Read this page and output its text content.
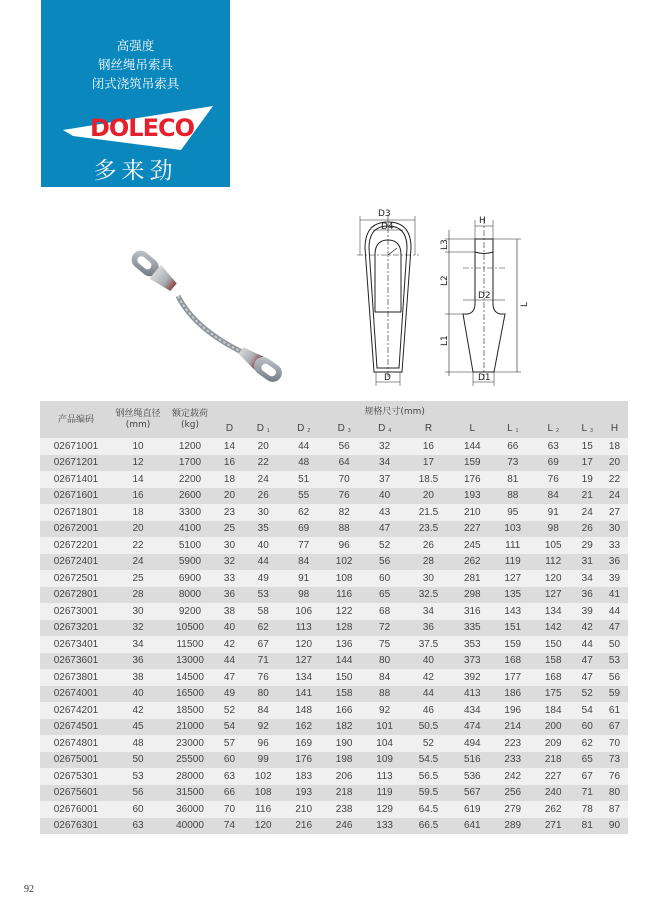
高强度
钢丝绳吊索具
闭式浇筑吊索具
DOLECO
多来劲
D3
D4
D
H
D2
D1
L3
L2
L1
L
产品编码	
钢丝绳直径
(mm)

额定载荷
(kg)
		规格尺寸(mm)
			D	D $_1$	D $_2$	D $_3$	D $_4$	R	L	L $_1$	L $_2$	L $_3$	H
02671001	10	1200	14	20	44	56	32	16	144	66	63	15	18
02671201	12	1700	16	22	48	64	34	17	159	73	69	17	20
02671401	14	2200	18	24	51	70	37	18.5	176	81	76	19	22
02671601	16	2600	20	26	55	76	40	20	193	88	84	21	24
02671801	18	3300	23	30	62	82	43	21.5	210	95	91	24	27
02672001	20	4100	25	35	69	88	47	23.5	227	103	98	26	30
02672201	22	5100	30	40	77	96	52	26	245	111	105	29	33
02672401	24	5900	32	44	84	102	56	28	262	119	112	31	36
02672501	25	6900	33	49	91	108	60	30	281	127	120	34	39
02672801	28	8000	36	53	98	116	65	32.5	298	135	127	36	41
02673001	30	9200	38	58	106	122	68	34	316	143	134	39	44
02673201	32	10500	40	62	113	128	72	36	335	151	142	42	47
02673401	34	11500	42	67	120	136	75	37.5	353	159	150	44	50
02673601	36	13000	44	71	127	144	80	40	373	168	158	47	53
02673801	38	14500	47	76	134	150	84	42	392	177	168	47	56
02674001	40	16500	49	80	141	158	88	44	413	186	175	52	59
02674201	42	18500	52	84	148	166	92	46	434	196	184	54	61
02674501	45	21000	54	92	162	182	101	50.5	474	214	200	60	67
02674801	48	23000	57	96	169	190	104	52	494	223	209	62	70
02675001	50	25500	60	99	176	198	109	54.5	516	233	218	65	73
02675301	53	28000	63	102	183	206	113	56.5	536	242	227	67	76
02675601	56	31500	66	108	193	218	119	59.5	567	256	240	71	80
02676001	60	36000	70	116	210	238	129	64.5	619	279	262	78	87
02676301	63	40000	74	120	216	246	133	66.5	641	289	271	81	90
92
